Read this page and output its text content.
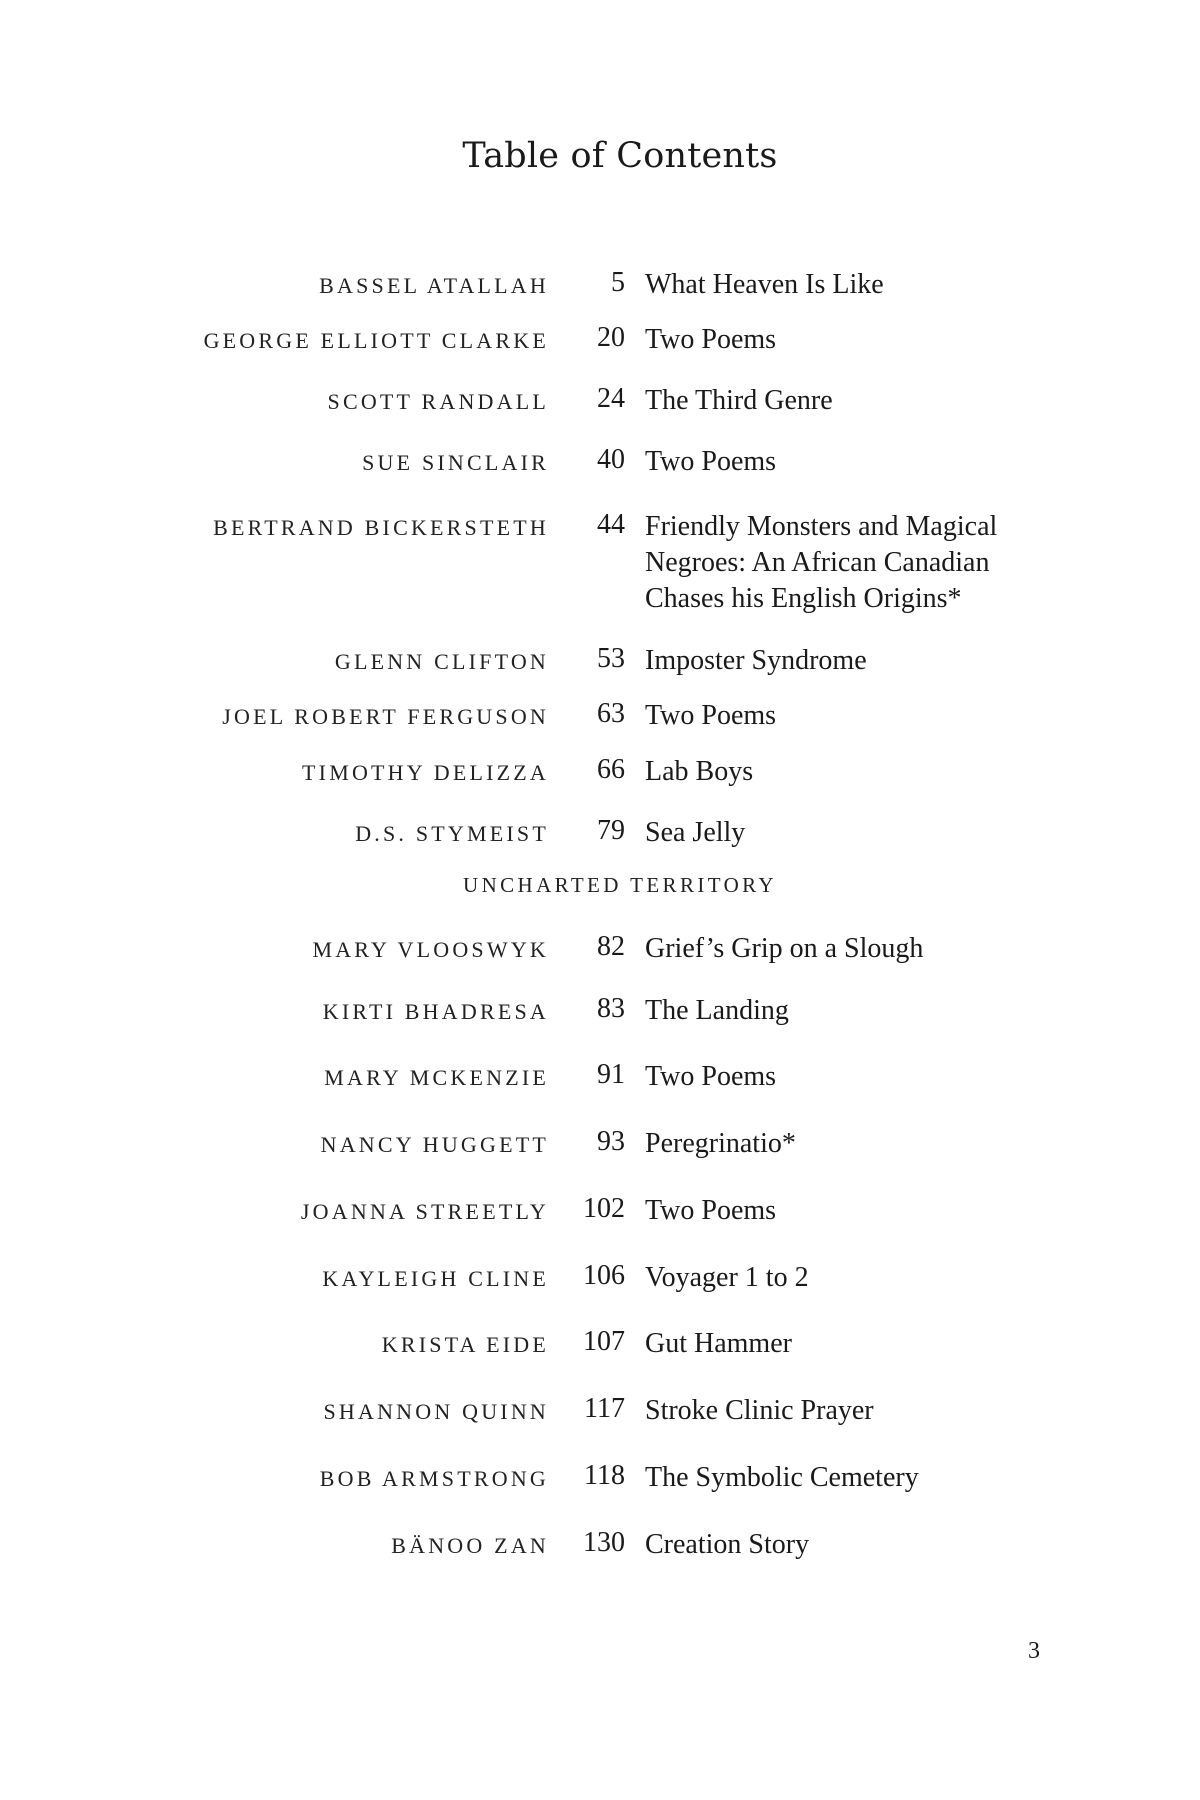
Table of Contents
BASSEL ATALLAH 5 What Heaven Is Like
GEORGE ELLIOTT CLARKE 20 Two Poems
SCOTT RANDALL 24 The Third Genre
SUE SINCLAIR 40 Two Poems
BERTRAND BICKERSTETH 44 Friendly Monsters and Magical Negroes: An African Canadian Chases his English Origins*
GLENN CLIFTON 53 Imposter Syndrome
JOEL ROBERT FERGUSON 63 Two Poems
TIMOTHY DELIZZA 66 Lab Boys
D.S. STYMEIST 79 Sea Jelly
UNCHARTED TERRITORY
MARY VLOOSWYK 82 Grief’s Grip on a Slough
KIRTI BHADRESA 83 The Landing
MARY MCKENZIE 91 Two Poems
NANCY HUGGETT 93 Peregrinatio*
JOANNA STREETLY 102 Two Poems
KAYLEIGH CLINE 106 Voyager 1 to 2
KRISTA EIDE 107 Gut Hammer
SHANNON QUINN 117 Stroke Clinic Prayer
BOB ARMSTRONG 118 The Symbolic Cemetery
BÄNOO ZAN 130 Creation Story
3
